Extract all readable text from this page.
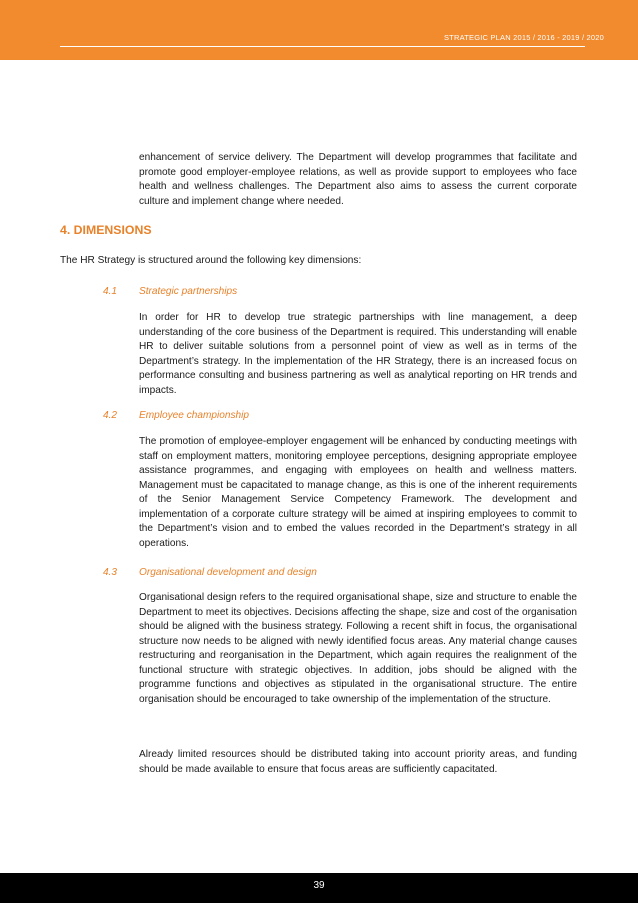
STRATEGIC PLAN 2015 / 2016 - 2019 / 2020

enhancement of service delivery. The Department will develop programmes that facilitate and promote good employer-employee relations, as well as provide support to employees who face health and wellness challenges. The Department also aims to assess the current corporate culture and implement change where needed.

4. DIMENSIONS

The HR Strategy is structured around the following key dimensions:

4.1 Strategic partnerships

In order for HR to develop true strategic partnerships with line management, a deep understanding of the core business of the Department is required. This understanding will enable HR to deliver suitable solutions from a personnel point of view as well as in terms of the Department’s strategy. In the implementation of the HR Strategy, there is an increased focus on performance consulting and business partnering as well as analytical reporting on HR trends and impacts.

4.2 Employee championship

The promotion of employee-employer engagement will be enhanced by conducting meetings with staff on employment matters, monitoring employee perceptions, designing appropriate employee assistance programmes, and engaging with employees on health and wellness matters. Management must be capacitated to manage change, as this is one of the inherent requirements of the Senior Management Service Competency Framework. The development and implementation of a corporate culture strategy will be aimed at inspiring employees to commit to the Department’s vision and to embed the values recorded in the Department’s strategy in all operations.

4.3 Organisational development and design

Organisational design refers to the required organisational shape, size and structure to enable the Department to meet its objectives. Decisions affecting the shape, size and cost of the organisation should be aligned with the business strategy. Following a recent shift in focus, the organisational structure now needs to be aligned with newly identified focus areas. Any material change causes restructuring and reorganisation in the Department, which again requires the realignment of the functional structure with strategic objectives. In addition, jobs should be aligned with the programme functions and objectives as stipulated in the organisational structure. The entire organisation should be encouraged to take ownership of the implementation of the structure.

Already limited resources should be distributed taking into account priority areas, and funding should be made available to ensure that focus areas are sufficiently capacitated.

39
